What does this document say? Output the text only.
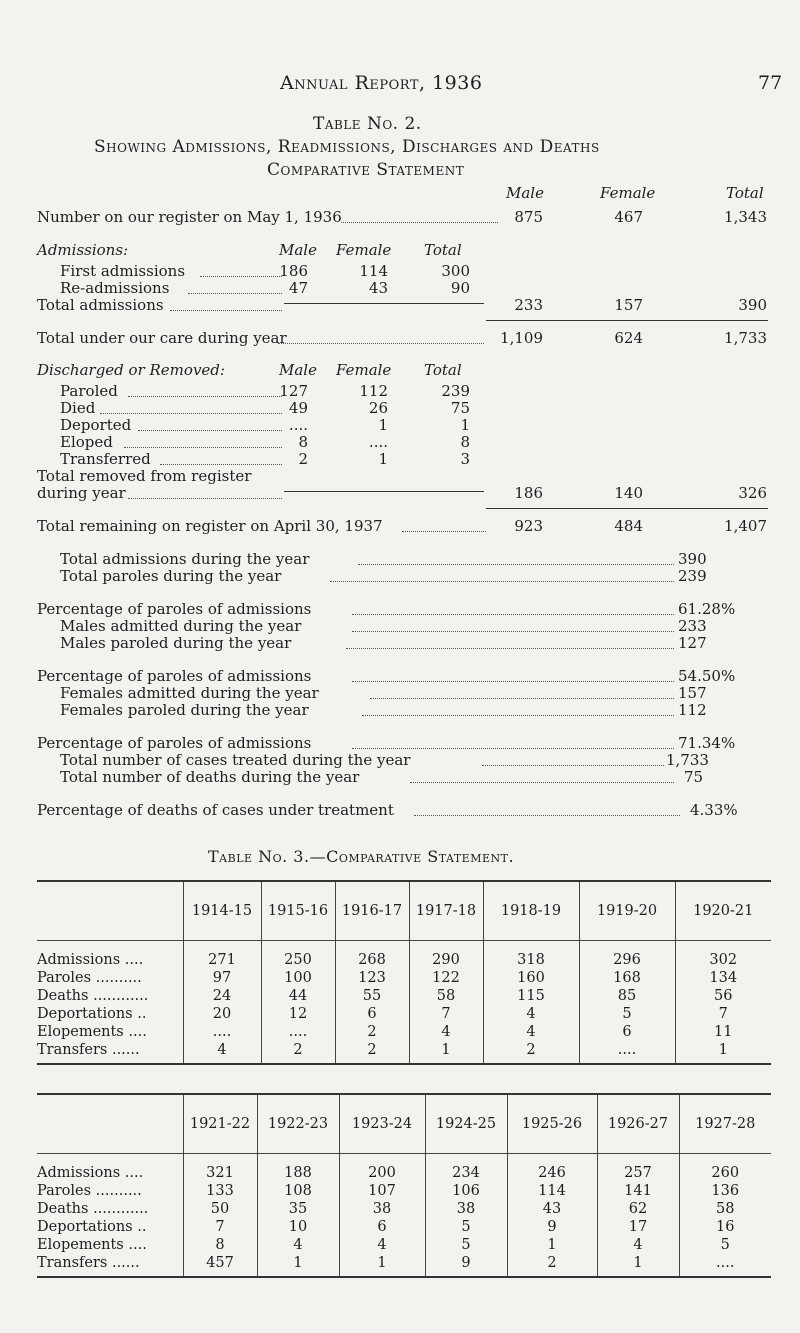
Annual Report, 1936	77
Table No. 2.
Showing Admissions, Readmissions, Discharges and Deaths
Comparative Statement
Male	Female	Total
Number on our register on May 1, 1936	875	467	1,343
Admissions:	Male Female Total
First admissions	186	114	300
Re-admissions	47	43	90
Total admissions	233	157	390
Total under our care during year	1,109	624	1,733
Discharged or Removed:	Male Female Total
Paroled	127	112	239
Died	49	26	75
Deported	....	1	1
Eloped	8	....	8
Transferred	2	1	3
Total removed from register
during year	186	140	326
Total remaining on register on April 30, 1937	923	484	1,407
Total admissions during the year	390
Total paroles during the year	239
Percentage of paroles of admissions	61.28%
Males admitted during the year	233
Males paroled during the year	127
Percentage of paroles of admissions	54.50%
Females admitted during the year	157
Females paroled during the year	112
Percentage of paroles of admissions	71.34%
Total number of cases treated during the year	1,733
Total number of deaths during the year	75
Percentage of deaths of cases under treatment	4.33%
Table No. 3.—Comparative Statement.
	1914-15	1915-16	1916-17	1917-18	1918-19	1919-20	1920-21

Admissions ....	271	250	268	290	318	296	302
Paroles ..........	97	100	123	122	160	168	134
Deaths ............	24	44	55	58	115	85	56
Deportations ..	20	12	6	7	4	5	7
Elopements ....	....	....	2	4	4	6	11
Transfers ......	4	2	2	1	2	....	1
	1921-22	1922-23	1923-24	1924-25	1925-26	1926-27	1927-28

Admissions ....	321	188	200	234	246	257	260
Paroles ..........	133	108	107	106	114	141	136
Deaths ............	50	35	38	38	43	62	58
Deportations ..	7	10	6	5	9	17	16
Elopements ....	8	4	4	5	1	4	5
Transfers ......	457	1	1	9	2	1	....
